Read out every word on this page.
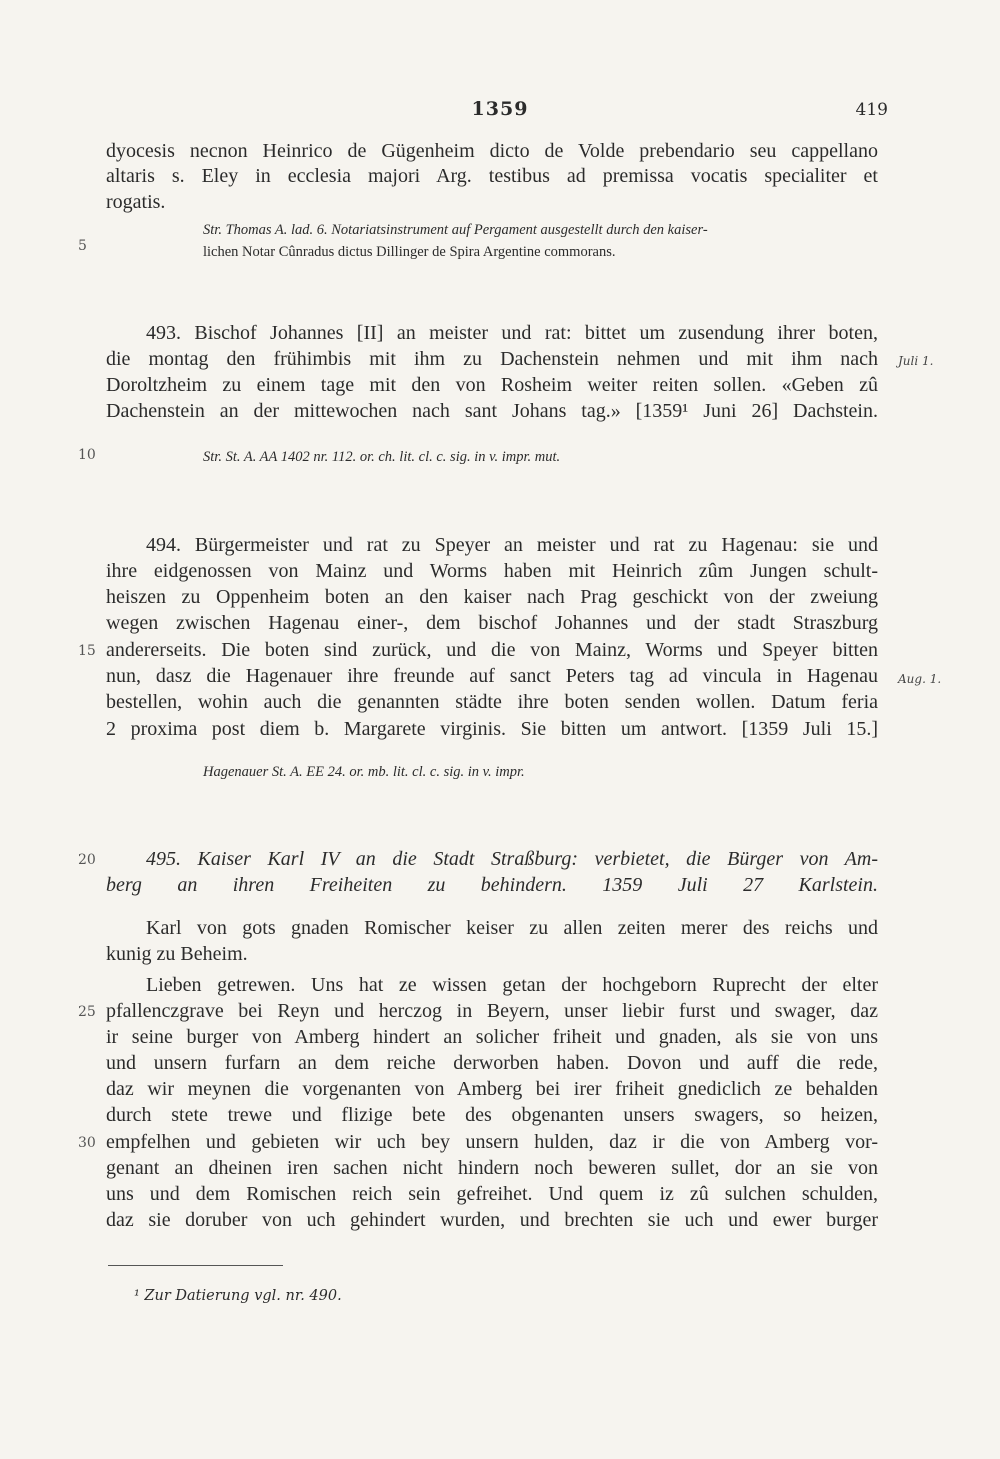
1359	419
dyocesis necnon Heinrico de Gügenheim dicto de Volde prebendario seu cappellano
altaris s. Eley in ecclesia majori Arg. testibus ad premissa vocatis specialiter et
rogatis.
Str. Thomas A. lad. 6. Notariatsinstrument auf Pergament ausgestellt durch den kaiser-
lichen Notar Cûnradus dictus Dillinger de Spira Argentine commorans.
493. Bischof Johannes [II] an meister und rat: bittet um zusendung ihrer boten,
die montag den frühimbis mit ihm zu Dachenstein nehmen und mit ihm nach
Doroltzheim zu einem tage mit den von Rosheim weiter reiten sollen. «Geben zû
Dachenstein an der mittewochen nach sant Johans tag.» [1359¹ Juni 26] Dachstein.
Str. St. A. AA 1402 nr. 112. or. ch. lit. cl. c. sig. in v. impr. mut.
494. Bürgermeister und rat zu Speyer an meister und rat zu Hagenau: sie und
ihre eidgenossen von Mainz und Worms haben mit Heinrich zûm Jungen schult-
heiszen zu Oppenheim boten an den kaiser nach Prag geschickt von der zweiung
wegen zwischen Hagenau einer-, dem bischof Johannes und der stadt Straszburg
andererseits. Die boten sind zurück, und die von Mainz, Worms und Speyer bitten
nun, dasz die Hagenauer ihre freunde auf sanct Peters tag ad vincula in Hagenau
bestellen, wohin auch die genannten städte ihre boten senden wollen. Datum feria
2 proxima post diem b. Margarete virginis. Sie bitten um antwort. [1359 Juli 15.]
Hagenauer St. A. EE 24. or. mb. lit. cl. c. sig. in v. impr.
495. Kaiser Karl IV an die Stadt Straßburg: verbietet, die Bürger von Am-
berg an ihren Freiheiten zu behindern. 1359 Juli 27 Karlstein.
Karl von gots gnaden Romischer keiser zu allen zeiten merer des reichs und
kunig zu Beheim.
Lieben getrewen. Uns hat ze wissen getan der hochgeborn Ruprecht der elter
pfallenczgrave bei Reyn und herczog in Beyern, unser liebir furst und swager, daz
ir seine burger von Amberg hindert an solicher friheit und gnaden, als sie von uns
und unsern furfarn an dem reiche derworben haben. Dovon und auff die rede,
daz wir meynen die vorgenanten von Amberg bei irer friheit gnediclich ze behalden
durch stete trewe und flizige bete des obgenanten unsers swagers, so heizen,
empfelhen und gebieten wir uch bey unsern hulden, daz ir die von Amberg vor-
genant an dheinen iren sachen nicht hindern noch beweren sullet, dor an sie von
uns und dem Romischen reich sein gefreihet. Und quem iz zû sulchen schulden,
daz sie doruber von uch gehindert wurden, und brechten sie uch und ewer burger
5
10
15
20
25
30
Juli 1.
Aug. 1.
¹ Zur Datierung vgl. nr. 490.
